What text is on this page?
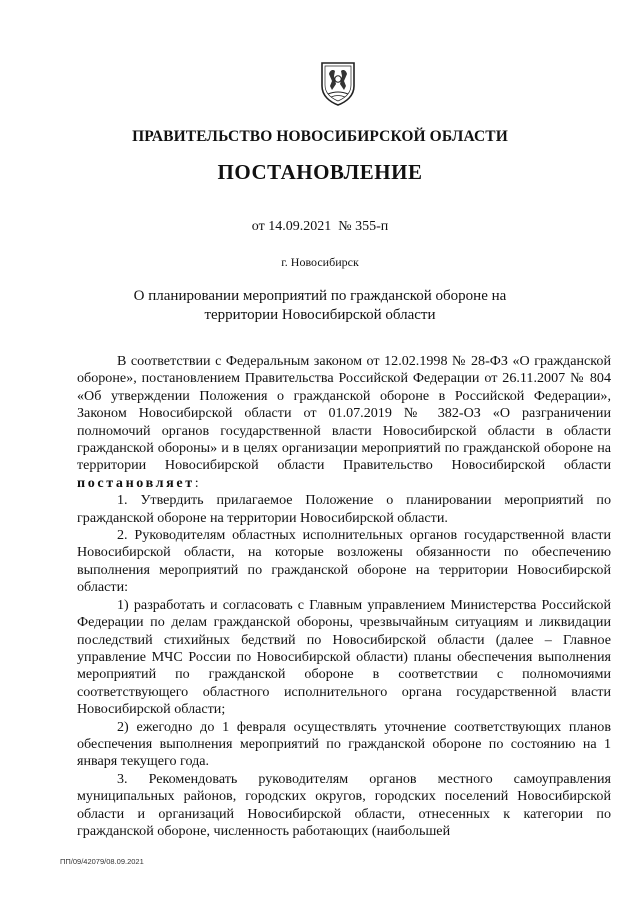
ПРАВИТЕЛЬСТВО НОВОСИБИРСКОЙ ОБЛАСТИ
ПОСТАНОВЛЕНИЕ
от 14.09.2021 № 355-п
г. Новосибирск
О планировании мероприятий по гражданской обороне на территории Новосибирской области

В соответствии с Федеральным законом от 12.02.1998 № 28-ФЗ «О гражданской обороне», постановлением Правительства Российской Федерации от 26.11.2007 № 804 «Об утверждении Положения о гражданской обороне в Российской Федерации», Законом Новосибирской области от 01.07.2019 № 382-ОЗ «О разграничении полномочий органов государственной власти Новосибирской области в области гражданской обороны» и в целях организации мероприятий по гражданской обороне на территории Новосибирской области Правительство Новосибирской области постановляет:

1. Утвердить прилагаемое Положение о планировании мероприятий по гражданской обороне на территории Новосибирской области.

2. Руководителям областных исполнительных органов государственной власти Новосибирской области, на которые возложены обязанности по обеспечению выполнения мероприятий по гражданской обороне на территории Новосибирской области:

1) разработать и согласовать с Главным управлением Министерства Российской Федерации по делам гражданской обороны, чрезвычайным ситуациям и ликвидации последствий стихийных бедствий по Новосибирской области (далее – Главное управление МЧС России по Новосибирской области) планы обеспечения выполнения мероприятий по гражданской обороне в соответствии с полномочиями соответствующего областного исполнительного органа государственной власти Новосибирской области;

2) ежегодно до 1 февраля осуществлять уточнение соответствующих планов обеспечения выполнения мероприятий по гражданской обороне по состоянию на 1 января текущего года.

3. Рекомендовать руководителям органов местного самоуправления муниципальных районов, городских округов, городских поселений Новосибирской области и организаций Новосибирской области, отнесенных к категории по гражданской обороне, численность работающих (наибольшей

ПП/09/42079/08.09.2021
